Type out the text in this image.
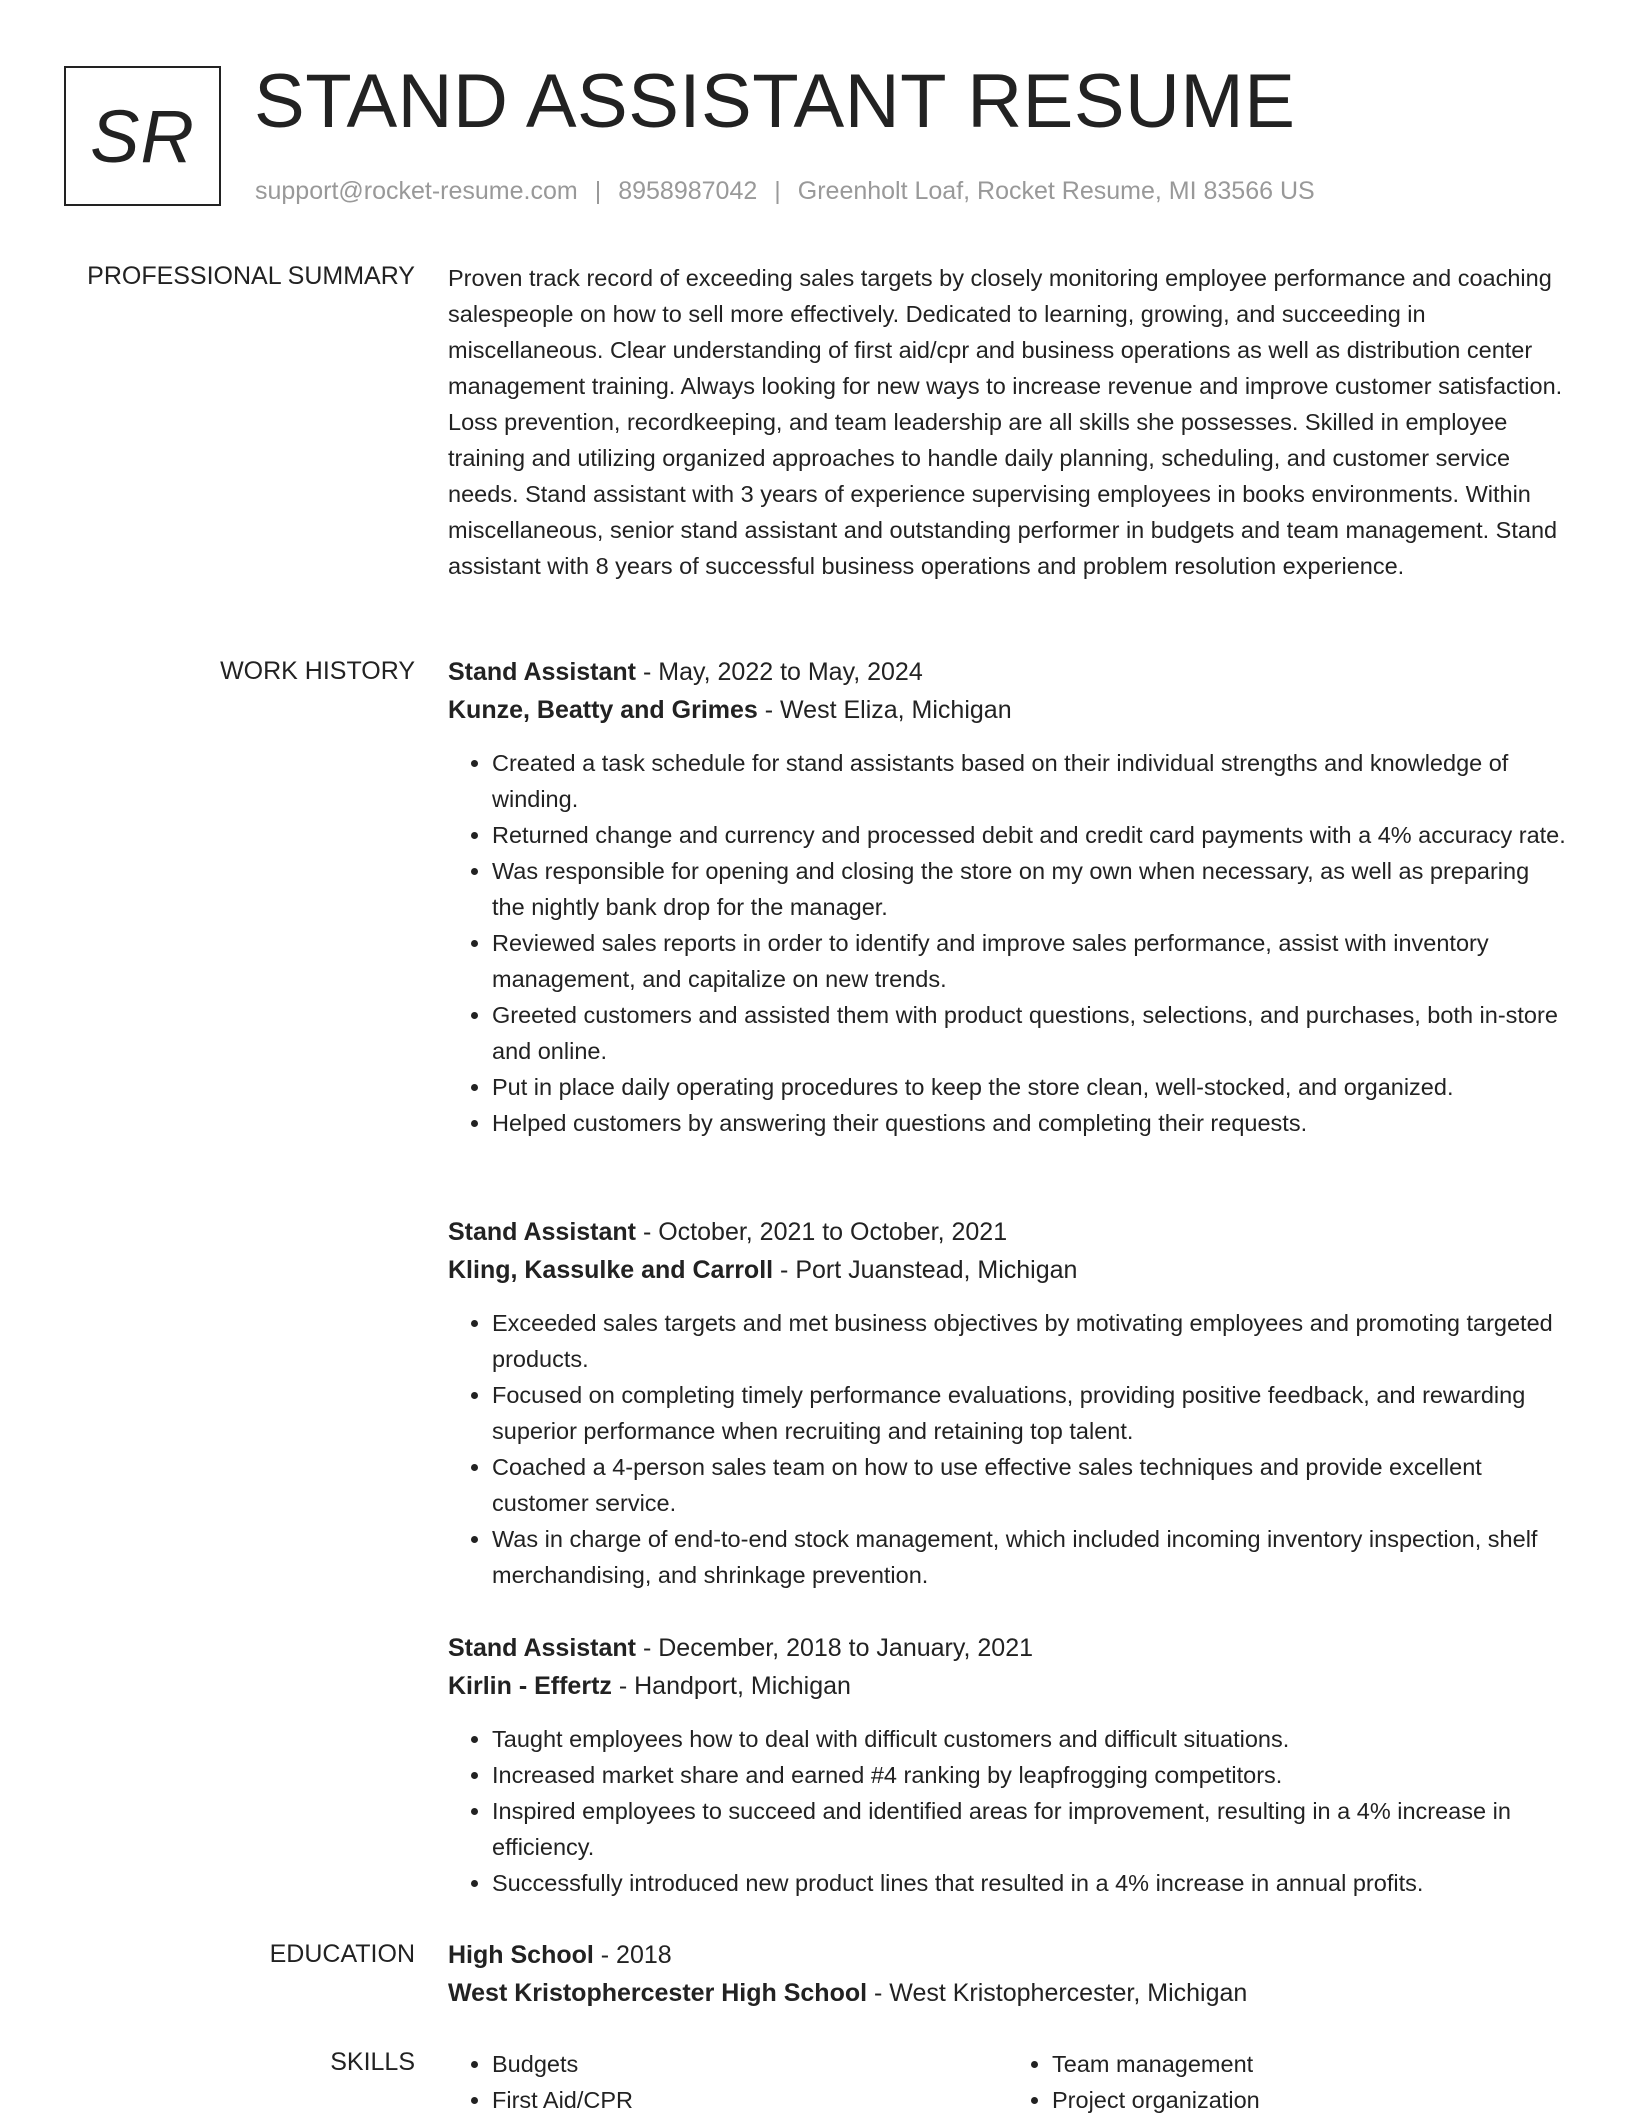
SR STAND ASSISTANT RESUME
support@rocket-resume.com | 8958987042 | Greenholt Loaf, Rocket Resume, MI 83566 US
PROFESSIONAL SUMMARY Proven track record of exceeding sales targets by closely monitoring employee performance and coaching salespeople on how to sell more effectively. Dedicated to learning, growing, and succeeding in miscellaneous. Clear understanding of first aid/cpr and business operations as well as distribution center management training. Always looking for new ways to increase revenue and improve customer satisfaction. Loss prevention, recordkeeping, and team leadership are all skills she possesses. Skilled in employee training and utilizing organized approaches to handle daily planning, scheduling, and customer service needs. Stand assistant with 3 years of experience supervising employees in books environments. Within miscellaneous, senior stand assistant and outstanding performer in budgets and team management. Stand assistant with 8 years of successful business operations and problem resolution experience.

WORK HISTORY Stand Assistant - May, 2022 to May, 2024
Kunze, Beatty and Grimes - West Eliza, Michigan
• Created a task schedule for stand assistants based on their individual strengths and knowledge of winding.
• Returned change and currency and processed debit and credit card payments with a 4% accuracy rate.
• Was responsible for opening and closing the store on my own when necessary, as well as preparing the nightly bank drop for the manager.
• Reviewed sales reports in order to identify and improve sales performance, assist with inventory management, and capitalize on new trends.
• Greeted customers and assisted them with product questions, selections, and purchases, both in-store and online.
• Put in place daily operating procedures to keep the store clean, well-stocked, and organized.
• Helped customers by answering their questions and completing their requests.
Stand Assistant - October, 2021 to October, 2021
Kling, Kassulke and Carroll - Port Juanstead, Michigan
• Exceeded sales targets and met business objectives by motivating employees and promoting targeted products.
• Focused on completing timely performance evaluations, providing positive feedback, and rewarding superior performance when recruiting and retaining top talent.
• Coached a 4-person sales team on how to use effective sales techniques and provide excellent customer service.
• Was in charge of end-to-end stock management, which included incoming inventory inspection, shelf merchandising, and shrinkage prevention.
Stand Assistant - December, 2018 to January, 2021
Kirlin - Effertz - Handport, Michigan
• Taught employees how to deal with difficult customers and difficult situations.
• Increased market share and earned #4 ranking by leapfrogging competitors.
• Inspired employees to succeed and identified areas for improvement, resulting in a 4% increase in efficiency.
• Successfully introduced new product lines that resulted in a 4% increase in annual profits.
EDUCATION High School - 2018
West Kristophercester High School - West Kristophercester, Michigan
SKILLS
•	Budgets
• First Aid/CPR
• Team management
• Project organization
